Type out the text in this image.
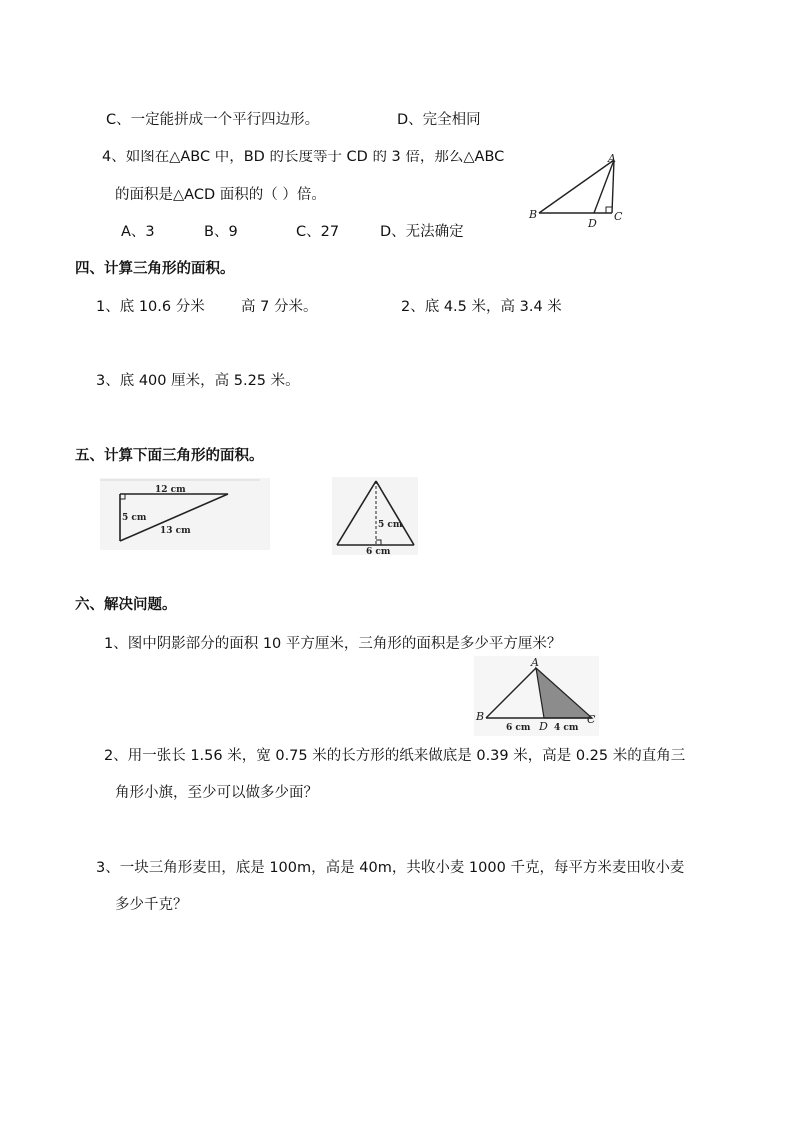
C、一定能拼成一个平行四边形。	D、完全相同
4、如图在△ABC 中，BD 的长度等于 CD 的 3 倍，那么△ABC
的面积是△ACD 面积的（ ）倍。
A、3	B、9	C、27	D、无法确定
A
B
D
C
四、计算三角形的面积。
1、底 10.6 分米	高 7 分米。	2、底 4.5 米，高 3.4 米
3、底 400 厘米，高 5.25 米。
五、计算下面三角形的面积。
12 cm
5 cm
13 cm
5 cm
6 cm
六、解决问题。
1、图中阴影部分的面积 10 平方厘米，三角形的面积是多少平方厘米？
A
B
D
C
6 cm	4 cm
2、用一张长 1.56 米，宽 0.75 米的长方形的纸来做底是 0.39 米，高是 0.25 米的直角三
角形小旗，至少可以做多少面？
3、一块三角形麦田，底是 100m，高是 40m，共收小麦 1000 千克，每平方米麦田收小麦
多少千克？
